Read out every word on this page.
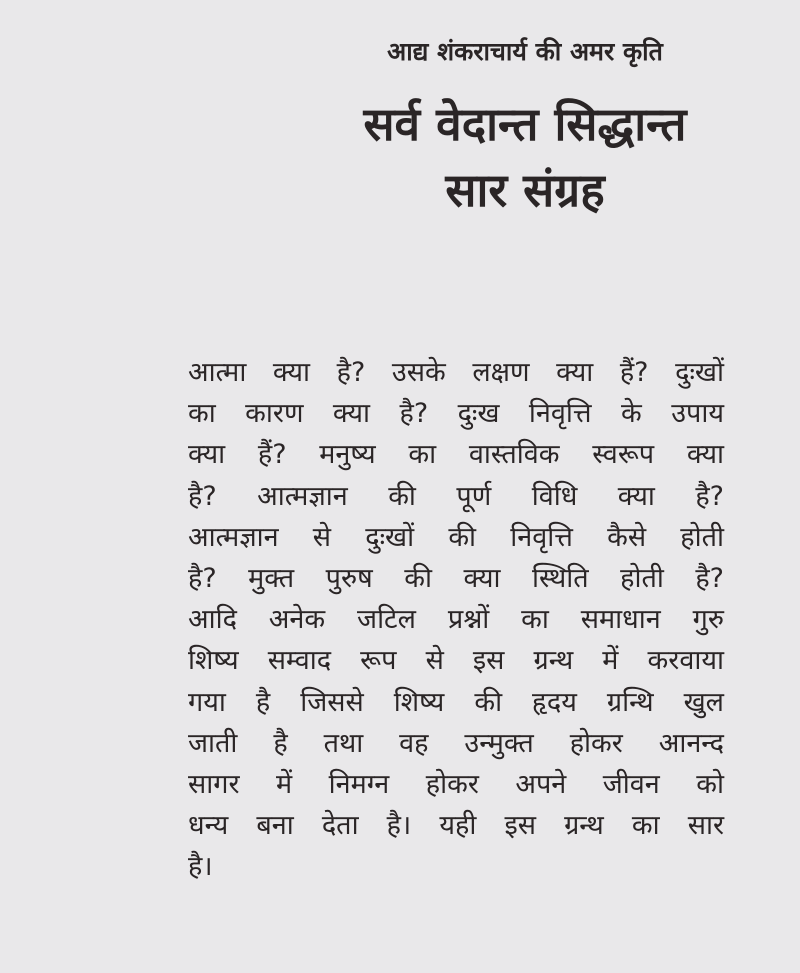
आद्य शंकराचार्य की अमर कृति
सर्व वेदान्त सिद्धान्त
सार संग्रह
आत्मा क्या है? उसके लक्षण क्या हैं? दुःखों
का कारण क्या है? दुःख निवृत्ति के उपाय
क्या हैं? मनुष्य का वास्तविक स्वरूप क्या
है? आत्मज्ञान की पूर्ण विधि क्या है?
आत्मज्ञान से दुःखों की निवृत्ति कैसे होती
है? मुक्त पुरुष की क्या स्थिति होती है?
आदि अनेक जटिल प्रश्नों का समाधान गुरु
शिष्य सम्वाद रूप से इस ग्रन्थ में करवाया
गया है जिससे शिष्य की हृदय ग्रन्थि खुल
जाती है तथा वह उन्मुक्त होकर आनन्द
सागर में निमग्न होकर अपने जीवन को
धन्य बना देता है। यही इस ग्रन्थ का सार
है।
